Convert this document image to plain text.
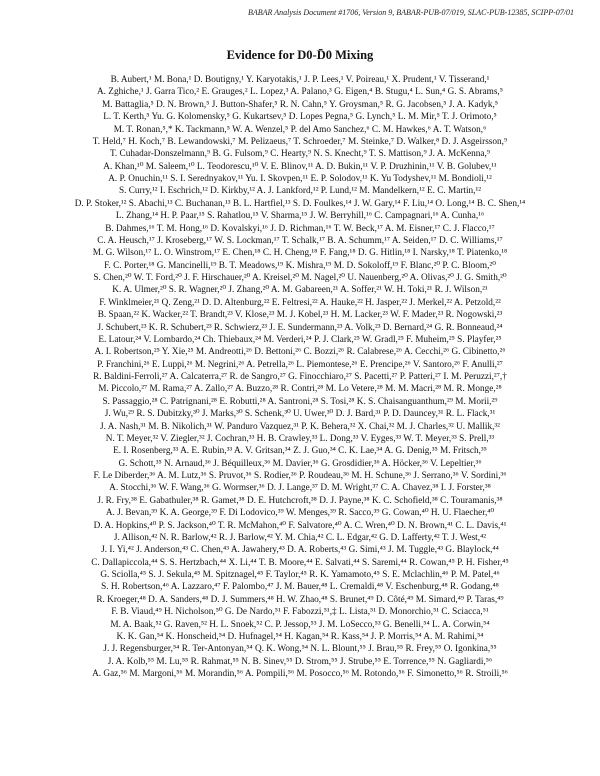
BABAR Analysis Document #1706, Version 9, BABAR-PUB-07/019, SLAC-PUB-12385, SCIPP-07/01
Evidence for D0-D̄0 Mixing

B. Aubert,¹ M. Bona,¹ D. Boutigny,¹ Y. Karyotakis,¹ J. P. Lees,¹ V. Poireau,¹ X. Prudent,¹ V. Tisserand,¹

A. Zghiche,¹ J. Garra Tico,² E. Grauges,² L. Lopez,³ A. Palano,³ G. Eigen,⁴ B. Stugu,⁴ L. Sun,⁴ G. S. Abrams,⁵

M. Battaglia,⁵ D. N. Brown,⁵ J. Button-Shafer,⁵ R. N. Cahn,⁵ Y. Groysman,⁵ R. G. Jacobsen,⁵ J. A. Kadyk,⁵

L. T. Kerth,⁵ Yu. G. Kolomensky,⁵ G. Kukartsev,⁵ D. Lopes Pegna,⁵ G. Lynch,⁵ L. M. Mir,⁵ T. J. Orimoto,⁵

M. T. Ronan,⁵,* K. Tackmann,⁵ W. A. Wenzel,⁵ P. del Amo Sanchez,⁶ C. M. Hawkes,⁶ A. T. Watson,⁶

T. Held,⁷ H. Koch,⁷ B. Lewandowski,⁷ M. Pelizaeus,⁷ T. Schroeder,⁷ M. Steinke,⁷ D. Walker,⁸ D. J. Asgeirsson,⁹

T. Cuhadar-Donszelmann,⁹ B. G. Fulsom,⁹ C. Hearty,⁹ N. S. Knecht,⁹ T. S. Mattison,⁹ J. A. McKenna,⁹

A. Khan,¹⁰ M. Saleem,¹⁰ L. Teodorescu,¹⁰ V. E. Blinov,¹¹ A. D. Bukin,¹¹ V. P. Druzhinin,¹¹ V. B. Golubev,¹¹

A. P. Onuchin,¹¹ S. I. Serednyakov,¹¹ Yu. I. Skovpen,¹¹ E. P. Solodov,¹¹ K. Yu Todyshev,¹¹ M. Bondioli,¹²

S. Curry,¹² I. Eschrich,¹² D. Kirkby,¹² A. J. Lankford,¹² P. Lund,¹² M. Mandelkern,¹² E. C. Martin,¹²

D. P. Stoker,¹² S. Abachi,¹³ C. Buchanan,¹³ B. L. Hartfiel,¹³ S. D. Foulkes,¹⁴ J. W. Gary,¹⁴ F. Liu,¹⁴ O. Long,¹⁴ B. C. Shen,¹⁴

L. Zhang,¹⁴ H. P. Paar,¹⁵ S. Rahatlou,¹⁵ V. Sharma,¹⁵ J. W. Berryhill,¹⁶ C. Campagnari,¹⁶ A. Cunha,¹⁶

B. Dahmes,¹⁶ T. M. Hong,¹⁶ D. Kovalskyi,¹⁶ J. D. Richman,¹⁶ T. W. Beck,¹⁷ A. M. Eisner,¹⁷ C. J. Flacco,¹⁷

C. A. Heusch,¹⁷ J. Kroseberg,¹⁷ W. S. Lockman,¹⁷ T. Schalk,¹⁷ B. A. Schumm,¹⁷ A. Seiden,¹⁷ D. C. Williams,¹⁷

M. G. Wilson,¹⁷ L. O. Winstrom,¹⁷ E. Chen,¹⁸ C. H. Cheng,¹⁸ F. Fang,¹⁸ D. G. Hitlin,¹⁸ I. Narsky,¹⁸ T. Piatenko,¹⁸

F. C. Porter,¹⁸ G. Mancinelli,¹⁹ B. T. Meadows,¹⁹ K. Mishra,¹⁹ M. D. Sokoloff,¹⁹ F. Blanc,²⁰ P. C. Bloom,²⁰

S. Chen,²⁰ W. T. Ford,²⁰ J. F. Hirschauer,²⁰ A. Kreisel,²⁰ M. Nagel,²⁰ U. Nauenberg,²⁰ A. Olivas,²⁰ J. G. Smith,²⁰

K. A. Ulmer,²⁰ S. R. Wagner,²⁰ J. Zhang,²⁰ A. M. Gabareen,²¹ A. Soffer,²¹ W. H. Toki,²¹ R. J. Wilson,²¹

F. Winklmeier,²¹ Q. Zeng,²¹ D. D. Altenburg,²² E. Feltresi,²² A. Hauke,²² H. Jasper,²² J. Merkel,²² A. Petzold,²²

B. Spaan,²² K. Wacker,²² T. Brandt,²³ V. Klose,²³ M. J. Kobel,²³ H. M. Lacker,²³ W. F. Mader,²³ R. Nogowski,²³

J. Schubert,²³ K. R. Schubert,²³ R. Schwierz,²³ J. E. Sundermann,²³ A. Volk,²³ D. Bernard,²⁴ G. R. Bonneaud,²⁴

E. Latour,²⁴ V. Lombardo,²⁴ Ch. Thiebaux,²⁴ M. Verderi,²⁴ P. J. Clark,²⁵ W. Gradl,²⁵ F. Muheim,²⁵ S. Playfer,²⁵

A. I. Robertson,²⁵ Y. Xie,²⁵ M. Andreotti,²⁶ D. Bettoni,²⁶ C. Bozzi,²⁶ R. Calabrese,²⁶ A. Cecchi,²⁶ G. Cibinetto,²⁶

P. Franchini,²⁶ E. Luppi,²⁶ M. Negrini,²⁶ A. Petrella,²⁶ L. Piemontese,²⁶ E. Prencipe,²⁶ V. Santoro,²⁶ F. Anulli,²⁷

R. Baldini-Ferroli,²⁷ A. Calcaterra,²⁷ R. de Sangro,²⁷ G. Finocchiaro,²⁷ S. Pacetti,²⁷ P. Patteri,²⁷ I. M. Peruzzi,²⁷,†

M. Piccolo,²⁷ M. Rama,²⁷ A. Zallo,²⁷ A. Buzzo,²⁸ R. Contri,²⁸ M. Lo Vetere,²⁸ M. M. Macri,²⁸ M. R. Monge,²⁸

S. Passaggio,²⁸ C. Patrignani,²⁸ E. Robutti,²⁸ A. Santroni,²⁸ S. Tosi,²⁸ K. S. Chaisanguanthum,²⁹ M. Morii,²⁹

J. Wu,²⁹ R. S. Dubitzky,³⁰ J. Marks,³⁰ S. Schenk,³⁰ U. Uwer,³⁰ D. J. Bard,³¹ P. D. Dauncey,³¹ R. L. Flack,³¹

J. A. Nash,³¹ M. B. Nikolich,³¹ W. Panduro Vazquez,³¹ P. K. Behera,³² X. Chai,³² M. J. Charles,³² U. Mallik,³²

N. T. Meyer,³² V. Ziegler,³² J. Cochran,³³ H. B. Crawley,³³ L. Dong,³³ V. Eyges,³³ W. T. Meyer,³³ S. Prell,³³

E. I. Rosenberg,³³ A. E. Rubin,³³ A. V. Gritsan,³⁴ Z. J. Guo,³⁴ C. K. Lae,³⁴ A. G. Denig,³⁵ M. Fritsch,³⁵

G. Schott,³⁵ N. Arnaud,³⁶ J. Béquilleux,³⁶ M. Davier,³⁶ G. Grosdidier,³⁶ A. Höcker,³⁶ V. Lepeltier,³⁶

F. Le Diberder,³⁶ A. M. Lutz,³⁶ S. Pruvot,³⁶ S. Rodier,³⁶ P. Roudeau,³⁶ M. H. Schune,³⁶ J. Serrano,³⁶ V. Sordini,³⁶

A. Stocchi,³⁶ W. F. Wang,³⁶ G. Wormser,³⁶ D. J. Lange,³⁷ D. M. Wright,³⁷ C. A. Chavez,³⁸ I. J. Forster,³⁸

J. R. Fry,³⁸ E. Gabathuler,³⁸ R. Gamet,³⁸ D. E. Hutchcroft,³⁸ D. J. Payne,³⁸ K. C. Schofield,³⁸ C. Touramanis,³⁸

A. J. Bevan,³⁹ K. A. George,³⁹ F. Di Lodovico,³⁹ W. Menges,³⁹ R. Sacco,³⁹ G. Cowan,⁴⁰ H. U. Flaecher,⁴⁰

D. A. Hopkins,⁴⁰ P. S. Jackson,⁴⁰ T. R. McMahon,⁴⁰ F. Salvatore,⁴⁰ A. C. Wren,⁴⁰ D. N. Brown,⁴¹ C. L. Davis,⁴¹

J. Allison,⁴² N. R. Barlow,⁴² R. J. Barlow,⁴² Y. M. Chia,⁴² C. L. Edgar,⁴² G. D. Lafferty,⁴² T. J. West,⁴²

J. I. Yi,⁴² J. Anderson,⁴³ C. Chen,⁴³ A. Jawahery,⁴³ D. A. Roberts,⁴³ G. Simi,⁴³ J. M. Tuggle,⁴³ G. Blaylock,⁴⁴

C. Dallapiccola,⁴⁴ S. S. Hertzbach,⁴⁴ X. Li,⁴⁴ T. B. Moore,⁴⁴ E. Salvati,⁴⁴ S. Saremi,⁴⁴ R. Cowan,⁴⁵ P. H. Fisher,⁴⁵

G. Sciolla,⁴⁵ S. J. Sekula,⁴⁵ M. Spitznagel,⁴⁵ F. Taylor,⁴⁵ R. K. Yamamoto,⁴⁵ S. E. Mclachlin,⁴⁶ P. M. Patel,⁴⁶

S. H. Robertson,⁴⁶ A. Lazzaro,⁴⁷ F. Palombo,⁴⁷ J. M. Bauer,⁴⁸ L. Cremaldi,⁴⁸ V. Eschenburg,⁴⁸ R. Godang,⁴⁸

R. Kroeger,⁴⁸ D. A. Sanders,⁴⁸ D. J. Summers,⁴⁸ H. W. Zhao,⁴⁸ S. Brunet,⁴⁹ D. Côté,⁴⁹ M. Simard,⁴⁹ P. Taras,⁴⁹

F. B. Viaud,⁴⁹ H. Nicholson,⁵⁰ G. De Nardo,⁵¹ F. Fabozzi,⁵¹,‡ L. Lista,⁵¹ D. Monorchio,⁵¹ C. Sciacca,⁵¹

M. A. Baak,⁵² G. Raven,⁵² H. L. Snoek,⁵² C. P. Jessop,⁵³ J. M. LoSecco,⁵³ G. Benelli,⁵⁴ L. A. Corwin,⁵⁴

K. K. Gan,⁵⁴ K. Honscheid,⁵⁴ D. Hufnagel,⁵⁴ H. Kagan,⁵⁴ R. Kass,⁵⁴ J. P. Morris,⁵⁴ A. M. Rahimi,⁵⁴

J. J. Regensburger,⁵⁴ R. Ter-Antonyan,⁵⁴ Q. K. Wong,⁵⁴ N. L. Blount,⁵⁵ J. Brau,⁵⁵ R. Frey,⁵⁵ O. Igonkina,⁵⁵

J. A. Kolb,⁵⁵ M. Lu,⁵⁵ R. Rahmat,⁵⁵ N. B. Sinev,⁵⁵ D. Strom,⁵⁵ J. Strube,⁵⁵ E. Torrence,⁵⁵ N. Gagliardi,⁵⁶

A. Gaz,⁵⁶ M. Margoni,⁵⁶ M. Morandin,⁵⁶ A. Pompili,⁵⁶ M. Posocco,⁵⁶ M. Rotondo,⁵⁶ F. Simonetto,⁵⁶ R. Stroili,⁵⁶
